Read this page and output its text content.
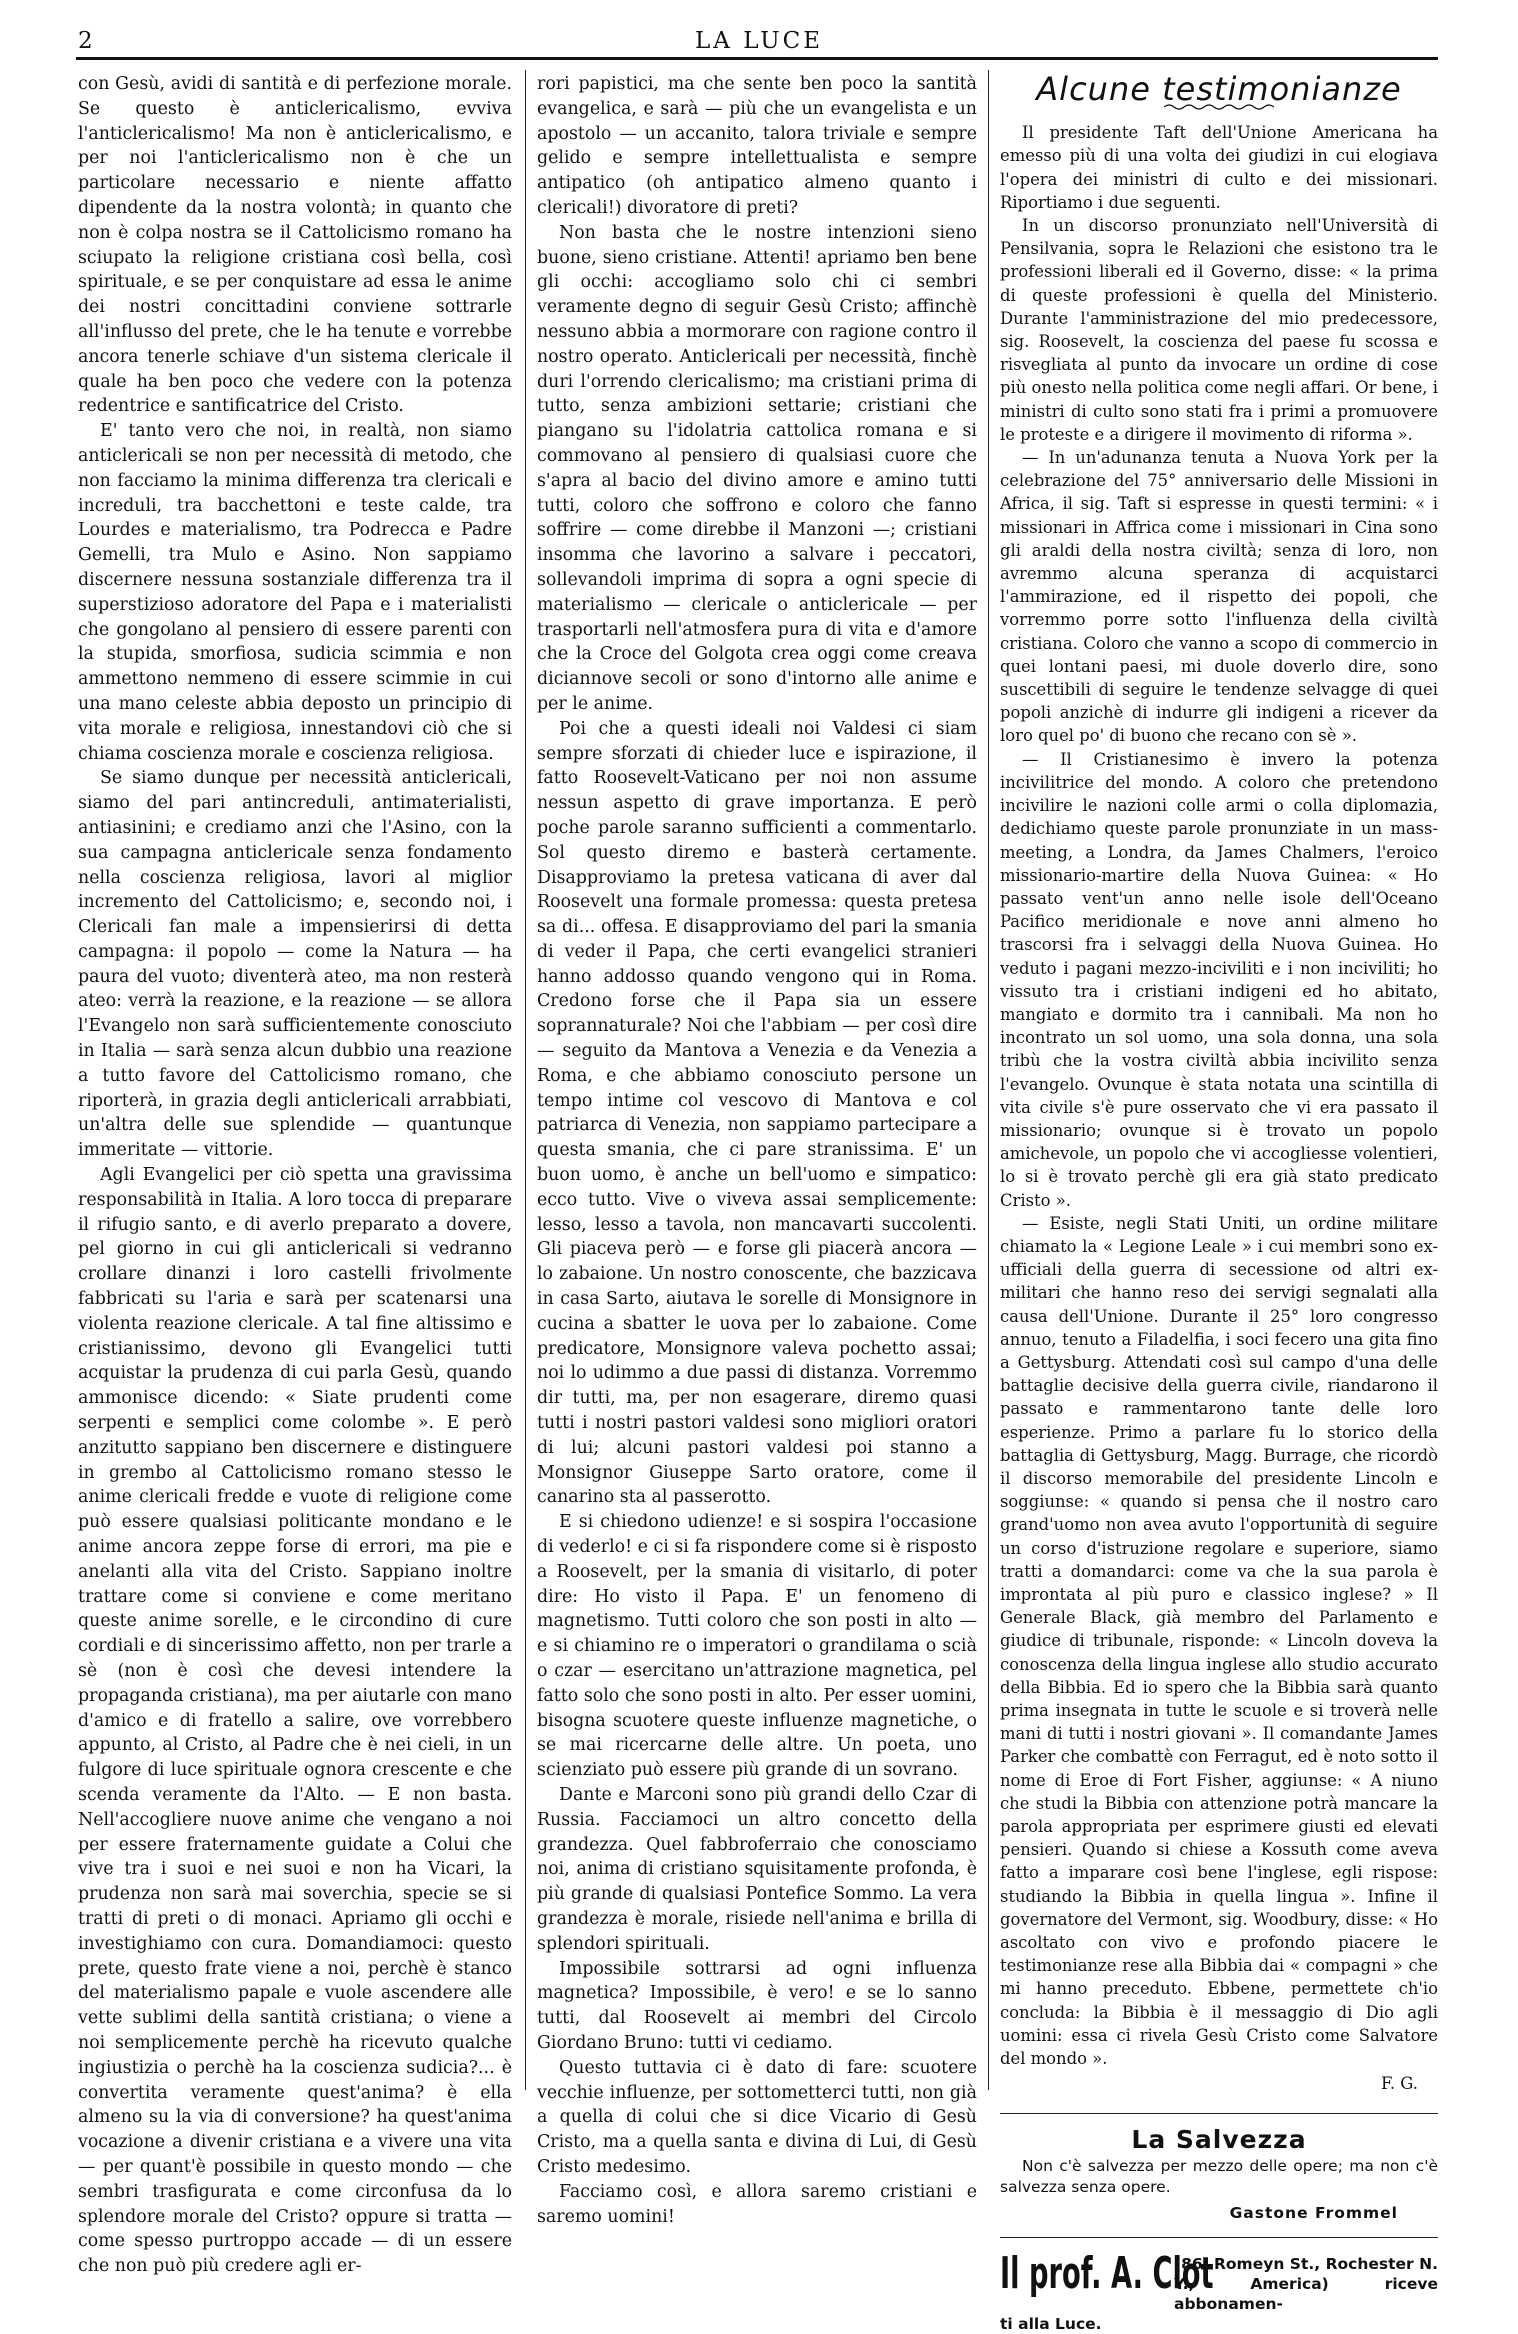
2	LA LUCE

con Gesù, avidi di santità e di perfezione morale. Se questo è anticlericalismo, evviva l'anticlericalismo! Ma non è anticlericalismo, e per noi l'anticlericalismo non è che un particolare necessario e niente affatto dipendente da la nostra volontà; in quanto che non è colpa nostra se il Cattolicismo romano ha sciupato la religione cristiana così bella, così spirituale, e se per conquistare ad essa le anime dei nostri concittadini conviene sottrarle all'influsso del prete, che le ha tenute e vorrebbe ancora tenerle schiave d'un sistema clericale il quale ha ben poco che vedere con la potenza redentrice e santificatrice del Cristo.

E' tanto vero che noi, in realtà, non siamo anticlericali se non per necessità di metodo, che non facciamo la minima differenza tra clericali e increduli, tra bacchettoni e teste calde, tra Lourdes e materialismo, tra Podrecca e Padre Gemelli, tra Mulo e Asino. Non sappiamo discernere nessuna sostanziale differenza tra il superstizioso adoratore del Papa e i materialisti che gongolano al pensiero di essere parenti con la stupida, smorfiosa, sudicia scimmia e non ammettono nemmeno di essere scimmie in cui una mano celeste abbia deposto un principio di vita morale e religiosa, innestandovi ciò che si chiama coscienza morale e coscienza religiosa.

Se siamo dunque per necessità anticlericali, siamo del pari antincreduli, antimaterialisti, antiasinini; e crediamo anzi che l'Asino, con la sua campagna anticlericale senza fondamento nella coscienza religiosa, lavori al miglior incremento del Cattolicismo; e, secondo noi, i Clericali fan male a impensierirsi di detta campagna: il popolo — come la Natura — ha paura del vuoto; diventerà ateo, ma non resterà ateo: verrà la reazione, e la reazione — se allora l'Evangelo non sarà sufficientemente conosciuto in Italia — sarà senza alcun dubbio una reazione a tutto favore del Cattolicismo romano, che riporterà, in grazia degli anticlericali arrabbiati, un'altra delle sue splendide — quantunque immeritate — vittorie.

Agli Evangelici per ciò spetta una gravissima responsabilità in Italia. A loro tocca di preparare il rifugio santo, e di averlo preparato a dovere, pel giorno in cui gli anticlericali si vedranno crollare dinanzi i loro castelli frivolmente fabbricati su l'aria e sarà per scatenarsi una violenta reazione clericale. A tal fine altissimo e cristianissimo, devono gli Evangelici tutti acquistar la prudenza di cui parla Gesù, quando ammonisce dicendo: « Siate prudenti come serpenti e semplici come colombe ». E però anzitutto sappiano ben discernere e distinguere in grembo al Cattolicismo romano stesso le anime clericali fredde e vuote di religione come può essere qualsiasi politicante mondano e le anime ancora zeppe forse di errori, ma pie e anelanti alla vita del Cristo. Sappiano inoltre trattare come si conviene e come meritano queste anime sorelle, e le circondino di cure cordiali e di sincerissimo affetto, non per trarle a sè (non è così che devesi intendere la propaganda cristiana), ma per aiutarle con mano d'amico e di fratello a salire, ove vorrebbero appunto, al Cristo, al Padre che è nei cieli, in un fulgore di luce spirituale ognora crescente e che scenda veramente da l'Alto. — E non basta. Nell'accogliere nuove anime che vengano a noi per essere fraternamente guidate a Colui che vive tra i suoi e nei suoi e non ha Vicari, la prudenza non sarà mai soverchia, specie se si tratti di preti o di monaci. Apriamo gli occhi e investighiamo con cura. Domandiamoci: questo prete, questo frate viene a noi, perchè è stanco del materialismo papale e vuole ascendere alle vette sublimi della santità cristiana; o viene a noi semplicemente perchè ha ricevuto qualche ingiustizia o perchè ha la coscienza sudicia?... è convertita veramente quest'anima? è ella almeno su la via di conversione? ha quest'anima vocazione a divenir cristiana e a vivere una vita — per quant'è possibile in questo mondo — che sembri trasfigurata e come circonfusa da lo splendore morale del Cristo? oppure si tratta — come spesso purtroppo accade — di un essere che non può più credere agli er-

rori papistici, ma che sente ben poco la santità evangelica, e sarà — più che un evangelista e un apostolo — un accanito, talora triviale e sempre gelido e sempre intellettualista e sempre antipatico (oh antipatico almeno quanto i clericali!) divoratore di preti?

Non basta che le nostre intenzioni sieno buone, sieno cristiane. Attenti! apriamo ben bene gli occhi: accogliamo solo chi ci sembri veramente degno di seguir Gesù Cristo; affinchè nessuno abbia a mormorare con ragione contro il nostro operato. Anticlericali per necessità, finchè duri l'orrendo clericalismo; ma cristiani prima di tutto, senza ambizioni settarie; cristiani che piangano su l'idolatria cattolica romana e si commovano al pensiero di qualsiasi cuore che s'apra al bacio del divino amore e amino tutti tutti, coloro che soffrono e coloro che fanno soffrire — come direbbe il Manzoni —; cristiani insomma che lavorino a salvare i peccatori, sollevandoli imprima di sopra a ogni specie di materialismo — clericale o anticlericale — per trasportarli nell'atmosfera pura di vita e d'amore che la Croce del Golgota crea oggi come creava diciannove secoli or sono d'intorno alle anime e per le anime.

Poi che a questi ideali noi Valdesi ci siam sempre sforzati di chieder luce e ispirazione, il fatto Roosevelt-Vaticano per noi non assume nessun aspetto di grave importanza. E però poche parole saranno sufficienti a commentarlo. Sol questo diremo e basterà certamente. Disapproviamo la pretesa vaticana di aver dal Roosevelt una formale promessa: questa pretesa sa di... offesa. E disapproviamo del pari la smania di veder il Papa, che certi evangelici stranieri hanno addosso quando vengono qui in Roma. Credono forse che il Papa sia un essere soprannaturale? Noi che l'abbiam — per così dire — seguito da Mantova a Venezia e da Venezia a Roma, e che abbiamo conosciuto persone un tempo intime col vescovo di Mantova e col patriarca di Venezia, non sappiamo partecipare a questa smania, che ci pare stranissima. E' un buon uomo, è anche un bell'uomo e simpatico: ecco tutto. Vive o viveva assai semplicemente: lesso, lesso a tavola, non mancavarti succolenti. Gli piaceva però — e forse gli piacerà ancora — lo zabaione. Un nostro conoscente, che bazzicava in casa Sarto, aiutava le sorelle di Monsignore in cucina a sbatter le uova per lo zabaione. Come predicatore, Monsignore valeva pochetto assai; noi lo udimmo a due passi di distanza. Vorremmo dir tutti, ma, per non esagerare, diremo quasi tutti i nostri pastori valdesi sono migliori oratori di lui; alcuni pastori valdesi poi stanno a Monsignor Giuseppe Sarto oratore, come il canarino sta al passerotto.

E si chiedono udienze! e si sospira l'occasione di vederlo! e ci si fa rispondere come si è risposto a Roosevelt, per la smania di visitarlo, di poter dire: Ho visto il Papa. E' un fenomeno di magnetismo. Tutti coloro che son posti in alto — e si chiamino re o imperatori o grandilama o scià o czar — esercitano un'attrazione magnetica, pel fatto solo che sono posti in alto. Per esser uomini, bisogna scuotere queste influenze magnetiche, o se mai ricercarne delle altre. Un poeta, uno scienziato può essere più grande di un sovrano.

Dante e Marconi sono più grandi dello Czar di Russia. Facciamoci un altro concetto della grandezza. Quel fabbroferraio che conosciamo noi, anima di cristiano squisitamente profonda, è più grande di qualsiasi Pontefice Sommo. La vera grandezza è morale, risiede nell'anima e brilla di splendori spirituali.

Impossibile sottrarsi ad ogni influenza magnetica? Impossibile, è vero! e se lo sanno tutti, dal Roosevelt ai membri del Circolo Giordano Bruno: tutti vi cediamo.

Questo tuttavia ci è dato di fare: scuotere vecchie influenze, per sottometterci tutti, non già a quella di colui che si dice Vicario di Gesù Cristo, ma a quella santa e divina di Lui, di Gesù Cristo medesimo.

Facciamo così, e allora saremo cristiani e saremo uomini!

Alcune testimonianze

Il presidente Taft dell'Unione Americana ha emesso più di una volta dei giudizi in cui elogiava l'opera dei ministri di culto e dei missionari. Riportiamo i due seguenti.

In un discorso pronunziato nell'Università di Pensilvania, sopra le Relazioni che esistono tra le professioni liberali ed il Governo, disse: « la prima di queste professioni è quella del Ministerio. Durante l'amministrazione del mio predecessore, sig. Roosevelt, la coscienza del paese fu scossa e risvegliata al punto da invocare un ordine di cose più onesto nella politica come negli affari. Or bene, i ministri di culto sono stati fra i primi a promuovere le proteste e a dirigere il movimento di riforma ».

— In un'adunanza tenuta a Nuova York per la celebrazione del 75° anniversario delle Missioni in Africa, il sig. Taft si espresse in questi termini: « i missionari in Affrica come i missionari in Cina sono gli araldi della nostra civiltà; senza di loro, non avremmo alcuna speranza di acquistarci l'ammirazione, ed il rispetto dei popoli, che vorremmo porre sotto l'influenza della civiltà cristiana. Coloro che vanno a scopo di commercio in quei lontani paesi, mi duole doverlo dire, sono suscettibili di seguire le tendenze selvagge di quei popoli anzichè di indurre gli indigeni a ricever da loro quel po' di buono che recano con sè ».

— Il Cristianesimo è invero la potenza incivilitrice del mondo. A coloro che pretendono incivilire le nazioni colle armi o colla diplomazia, dedichiamo queste parole pronunziate in un mass-meeting, a Londra, da James Chalmers, l'eroico missionario-martire della Nuova Guinea: « Ho passato vent'un anno nelle isole dell'Oceano Pacifico meridionale e nove anni almeno ho trascorsi fra i selvaggi della Nuova Guinea. Ho veduto i pagani mezzo-inciviliti e i non inciviliti; ho vissuto tra i cristiani indigeni ed ho abitato, mangiato e dormito tra i cannibali. Ma non ho incontrato un sol uomo, una sola donna, una sola tribù che la vostra civiltà abbia incivilito senza l'evangelo. Ovunque è stata notata una scintilla di vita civile s'è pure osservato che vi era passato il missionario; ovunque si è trovato un popolo amichevole, un popolo che vi accogliesse volentieri, lo si è trovato perchè gli era già stato predicato Cristo ».

— Esiste, negli Stati Uniti, un ordine militare chiamato la « Legione Leale » i cui membri sono ex-ufficiali della guerra di secessione od altri ex-militari che hanno reso dei servigi segnalati alla causa dell'Unione. Durante il 25° loro congresso annuo, tenuto a Filadelfia, i soci fecero una gita fino a Gettysburg. Attendati così sul campo d'una delle battaglie decisive della guerra civile, riandarono il passato e rammentarono tante delle loro esperienze. Primo a parlare fu lo storico della battaglia di Gettysburg, Magg. Burrage, che ricordò il discorso memorabile del presidente Lincoln e soggiunse: « quando si pensa che il nostro caro grand'uomo non avea avuto l'opportunità di seguire un corso d'istruzione regolare e superiore, siamo tratti a domandarci: come va che la sua parola è improntata al più puro e classico inglese? » Il Generale Black, già membro del Parlamento e giudice di tribunale, risponde: « Lincoln doveva la conoscenza della lingua inglese allo studio accurato della Bibbia. Ed io spero che la Bibbia sarà quanto prima insegnata in tutte le scuole e si troverà nelle mani di tutti i nostri giovani ». Il comandante James Parker che combattè con Ferragut, ed è noto sotto il nome di Eroe di Fort Fisher, aggiunse: « A niuno che studi la Bibbia con attenzione potrà mancare la parola appropriata per esprimere giusti ed elevati pensieri. Quando si chiese a Kossuth come aveva fatto a imparare così bene l'inglese, egli rispose: studiando la Bibbia in quella lingua ». Infine il governatore del Vermont, sig. Woodbury, disse: « Ho ascoltato con vivo e profondo piacere le testimonianze rese alla Bibbia dai « compagni » che mi hanno preceduto. Ebbene, permettete ch'io concluda: la Bibbia è il messaggio di Dio agli uomini: essa ci rivela Gesù Cristo come Salvatore del mondo ».

F. G.
La Salvezza
Non c'è salvezza per mezzo delle opere; ma non c'è salvezza senza opere.
Gastone Frommel
Il prof. A. Clot
(86, Romeyn St., Rochester N. Y., America) riceve abbonamen-
ti alla Luce.
